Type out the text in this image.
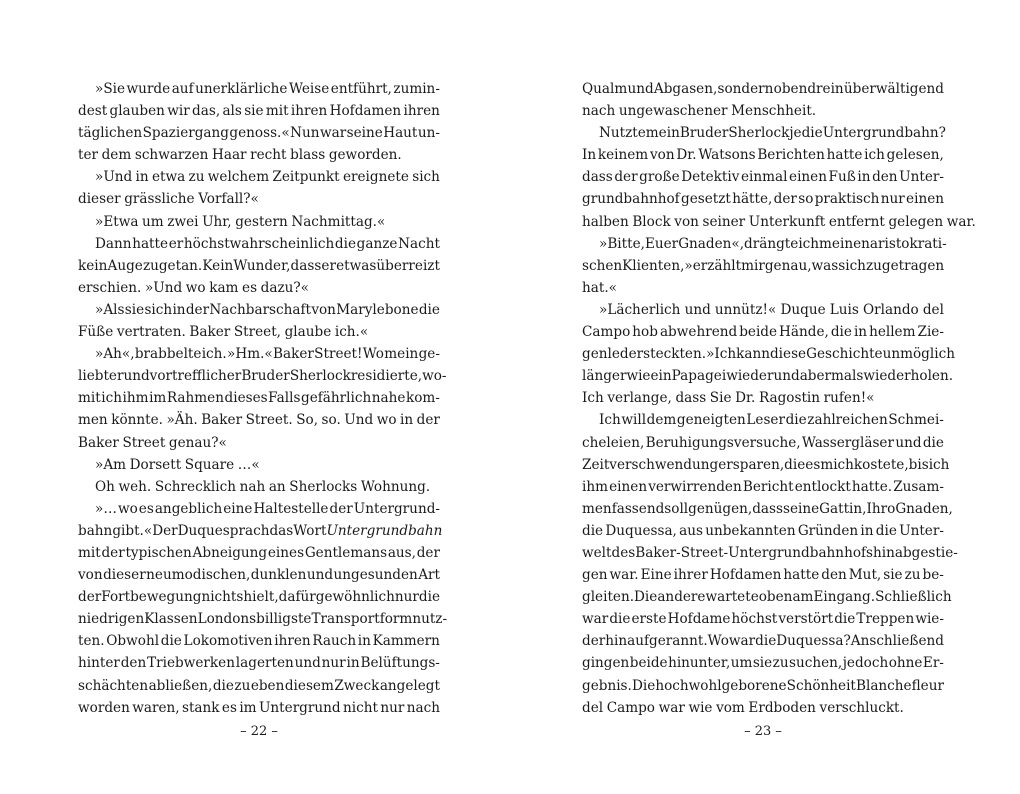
»Sie wurde auf unerklärliche Weise entführt, zumin-
dest glauben wir das, als sie mit ihren Hofdamen ihren
täglichen Spaziergang genoss.« Nun war seine Haut un-
ter dem schwarzen Haar recht blass geworden.
»Und in etwa zu welchem Zeitpunkt ereignete sich
dieser grässliche Vorfall?«
»Etwa um zwei Uhr, gestern Nachmittag.«
Dann hatte er höchstwahrscheinlich die ganze Nacht
kein Auge zugetan. Kein Wunder, dass er etwas überreizt
erschien. »Und wo kam es dazu?«
»Als sie sich in der Nachbarschaft von Marylebone die
Füße vertraten. Baker Street, glaube ich.«
»Ah«, brabbelte ich. »Hm.« Baker Street! Wo mein ge-
liebter und vortrefflicher Bruder Sherlock residierte, wo-
mit ich ihm im Rahmen dieses Falls gefährlich nahe kom-
men könnte. »Äh. Baker Street. So, so. Und wo in der
Baker Street genau?«
»Am Dorsett Square …«
Oh weh. Schrecklich nah an Sherlocks Wohnung.
»… wo es angeblich eine Haltestelle der Untergrund-
bahn gibt.« Der Duque sprach das Wort Untergrundbahn
mit der typischen Abneigung eines Gentlemans aus, der
von dieser neumodischen, dunklen und ungesunden Art
der Fortbewegung nichts hielt, da für gewöhnlich nur die
niedrigen Klassen Londons billigste Transportform nutz-
ten. Obwohl die Lokomotiven ihren Rauch in Kammern
hinter den Triebwerken lagerten und nur in Belüftungs-
schächten abließen, die zu eben diesem Zweck angelegt
worden waren, stank es im Untergrund nicht nur nach
Qualm und Abgasen, sondern obendrein überwältigend
nach ungewaschener Menschheit.
Nutzte mein Bruder Sherlock je die Untergrundbahn?
In keinem von Dr. Watsons Berichten hatte ich gelesen,
dass der große Detektiv einmal einen Fuß in den Unter-
grundbahnhof gesetzt hätte, der so praktisch nur einen
halben Block von seiner Unterkunft entfernt gelegen war.
»Bitte, Euer Gnaden«, drängte ich meinen aristokrati-
schen Klienten, »erzählt mir genau, was sich zugetragen
hat.«
»Lächerlich und unnütz!« Duque Luis Orlando del
Campo hob abwehrend beide Hände, die in hellem Zie-
genleder steckten. »Ich kann diese Geschichte unmöglich
länger wie ein Papagei wieder und abermals wiederholen.
Ich verlange, dass Sie Dr. Ragostin rufen!«
Ich will dem geneigten Leser die zahlreichen Schmei-
cheleien, Beruhigungsversuche, Wassergläser und die
Zeitverschwendung ersparen, die es mich kostete, bis ich
ihm einen verwirrenden Bericht entlockt hatte. Zusam-
menfassend soll genügen, dass seine Gattin, Ihro Gnaden,
die Duquessa, aus unbekannten Gründen in die Unter-
welt des Baker-Street-Untergrundbahnhofs hinabgestie-
gen war. Eine ihrer Hofdamen hatte den Mut, sie zu be-
gleiten. Die andere wartete oben am Eingang. Schließlich
war die erste Hofdame höchst verstört die Treppen wie-
der hinaufgerannt. Wo war die Duquessa? Anschließend
gingen beide hinunter, um sie zu suchen, jedoch ohne Er-
gebnis. Die hochwohlgeborene Schönheit Blanchefleur
del Campo war wie vom Erdboden verschluckt.
– 22 –	– 23 –
